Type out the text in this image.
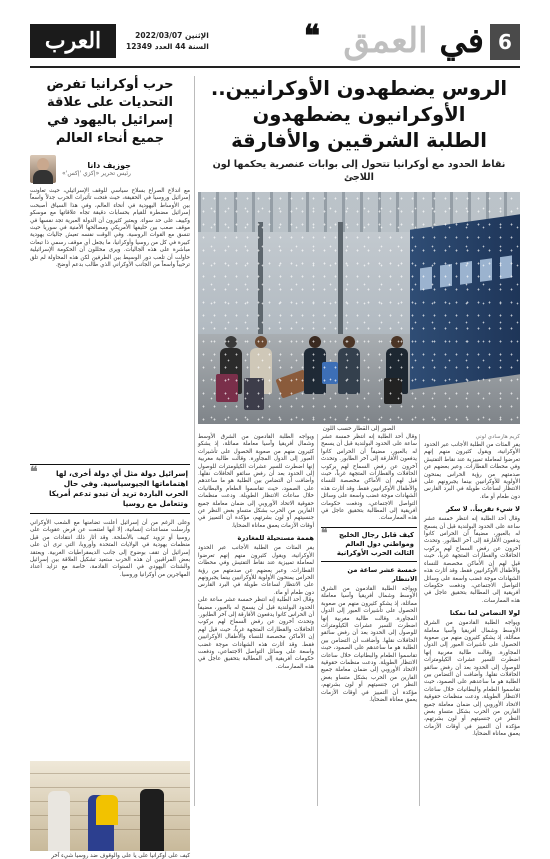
6
في العمق
❝
الإثنين 2022/03/07
السنة 44 العدد 12349
العرب
الروس يضطهدون الأوكرانيين..
الأوكرانيون يضطهدون
الطلبة الشرقيين والأفارقة
نقاط الحدود مع أوكرانيا تتحول إلى بوابات عنصرية يحكمها لون اللاجئ
الصور إلى القطار حسب اللون
كريم هارسادي لوني
يفر المئات من الطلبة الأجانب عبر الحدود الأوكرانية، ويقول كثيرون منهم إنهم تعرضوا لمعاملة تمييزية عند نقاط التفتيش وفي محطات القطارات. وعبر بعضهم عن صدمتهم من رؤية الحراس يمنحون الأولوية للأوكرانيين بينما يجبرونهم على الانتظار لساعات طويلة في البرد القارس دون طعام أو ماء.
لا شيء تقريباً.. لا سكر
وقال أحد الطلبة إنه انتظر خمسة عشر ساعة على الحدود البولندية قبل أن يسمح له بالعبور، مضيفاً أن الحراس كانوا يدفعون الأفارقة إلى آخر الطابور. وتحدث آخرون عن رفض السماح لهم بركوب الحافلات والقطارات المتجهة غرباً، حيث قيل لهم إن الأماكن مخصصة للنساء والأطفال الأوكرانيين فقط. وقد أثارت هذه الشهادات موجة غضب واسعة على وسائل التواصل الاجتماعي، ودفعت حكومات أفريقية إلى المطالبة بتحقيق عاجل في هذه الممارسات.
لولا التضامن لما تمكنا
ويواجه الطلبة القادمون من الشرق الأوسط وشمال أفريقيا وآسيا معاملة مماثلة، إذ يشكو كثيرون منهم من صعوبة الحصول على تأشيرات العبور إلى الدول المجاورة. وقالت طالبة مغربية إنها اضطرت للسير عشرات الكيلومترات للوصول إلى الحدود بعد أن رفض سائقو الحافلات نقلها. وأضافت أن التضامن بين الطلبة هو ما ساعدهم على الصمود، حيث تقاسموا الطعام والبطانيات خلال ساعات الانتظار الطويلة. ودعت منظمات حقوقية الاتحاد الأوروبي إلى ضمان معاملة جميع الفارين من الحرب بشكل متساو بغض النظر عن جنسيتهم أو لون بشرتهم، مؤكدة أن التمييز في أوقات الأزمات يعمق معاناة الضحايا.
وقال أحد الطلبة إنه انتظر خمسة عشر ساعة على الحدود البولندية قبل أن يسمح له بالعبور، مضيفاً أن الحراس كانوا يدفعون الأفارقة إلى آخر الطابور. وتحدث آخرون عن رفض السماح لهم بركوب الحافلات والقطارات المتجهة غرباً، حيث قيل لهم إن الأماكن مخصصة للنساء والأطفال الأوكرانيين فقط. وقد أثارت هذه الشهادات موجة غضب واسعة على وسائل التواصل الاجتماعي، ودفعت حكومات أفريقية إلى المطالبة بتحقيق عاجل في هذه الممارسات.
❝ كيف قابل رجال الخليج ومواطني دول العالم الثالث الحرب الأوكرانية
خمسة عشر ساعة من الانتظار
ويواجه الطلبة القادمون من الشرق الأوسط وشمال أفريقيا وآسيا معاملة مماثلة، إذ يشكو كثيرون منهم من صعوبة الحصول على تأشيرات العبور إلى الدول المجاورة. وقالت طالبة مغربية إنها اضطرت للسير عشرات الكيلومترات للوصول إلى الحدود بعد أن رفض سائقو الحافلات نقلها. وأضافت أن التضامن بين الطلبة هو ما ساعدهم على الصمود، حيث تقاسموا الطعام والبطانيات خلال ساعات الانتظار الطويلة. ودعت منظمات حقوقية الاتحاد الأوروبي إلى ضمان معاملة جميع الفارين من الحرب بشكل متساو بغض النظر عن جنسيتهم أو لون بشرتهم، مؤكدة أن التمييز في أوقات الأزمات يعمق معاناة الضحايا.
ويواجه الطلبة القادمون من الشرق الأوسط وشمال أفريقيا وآسيا معاملة مماثلة، إذ يشكو كثيرون منهم من صعوبة الحصول على تأشيرات العبور إلى الدول المجاورة. وقالت طالبة مغربية إنها اضطرت للسير عشرات الكيلومترات للوصول إلى الحدود بعد أن رفض سائقو الحافلات نقلها. وأضافت أن التضامن بين الطلبة هو ما ساعدهم على الصمود، حيث تقاسموا الطعام والبطانيات خلال ساعات الانتظار الطويلة. ودعت منظمات حقوقية الاتحاد الأوروبي إلى ضمان معاملة جميع الفارين من الحرب بشكل متساو بغض النظر عن جنسيتهم أو لون بشرتهم، مؤكدة أن التمييز في أوقات الأزمات يعمق معاناة الضحايا.
هممة مستحيلة للمغادرة
يفر المئات من الطلبة الأجانب عبر الحدود الأوكرانية، ويقول كثيرون منهم إنهم تعرضوا لمعاملة تمييزية عند نقاط التفتيش وفي محطات القطارات. وعبر بعضهم عن صدمتهم من رؤية الحراس يمنحون الأولوية للأوكرانيين بينما يجبرونهم على الانتظار لساعات طويلة في البرد القارس دون طعام أو ماء.
وقال أحد الطلبة إنه انتظر خمسة عشر ساعة على الحدود البولندية قبل أن يسمح له بالعبور، مضيفاً أن الحراس كانوا يدفعون الأفارقة إلى آخر الطابور. وتحدث آخرون عن رفض السماح لهم بركوب الحافلات والقطارات المتجهة غرباً، حيث قيل لهم إن الأماكن مخصصة للنساء والأطفال الأوكرانيين فقط. وقد أثارت هذه الشهادات موجة غضب واسعة على وسائل التواصل الاجتماعي، ودفعت حكومات أفريقية إلى المطالبة بتحقيق عاجل في هذه الممارسات.
حرب أوكرانيا تفرض التحديات على علاقة إسرائيل باليهود في جميع أنحاء العالم
جوزيف دانا
رئيس تحرير «إكزي 'إكس'»
مع اندلاع الصراع بسلاح سياسي للوقف الإسرائيلي، حيث تعاونت إسرائيل وروسيا في الحقيقة، حيث فتحت تأثيرات الحرب جدلاً واسعاً بين الأوساط اليهودية في أنحاء العالم، وفي هذا السياق أصبحت إسرائيل مضطرة للقيام بحسابات دقيقة تجاه علاقاتها مع موسكو وكييف على حد سواء. ويعتبر كثيرون أن الدولة العبرية تجد نفسها في موقف صعب بين حليفها الأمريكي ومصالحها الأمنية في سوريا حيث تنسق مع القوات الروسية. وفي الوقت نفسه تعيش جاليات يهودية كبيرة في كل من روسيا وأوكرانيا، ما يجعل أي موقف رسمي ذا تبعات مباشرة على هذه الجاليات. ويرى محللون أن الحكومة الإسرائيلية حاولت أن تلعب دور الوسيط بين الطرفين لكن هذه المحاولة لم تلق ترحيباً واسعاً من الجانب الأوكراني الذي طالب بدعم أوضح.
❝ إسرائيل دولة مثل أي دولة أخرى، لها اهتماماتها الجيوسياسية. وفي حال الحرب الباردة تريد أن تبدو تدعم أمريكا وتتعامل مع روسيا
وعلى الرغم من أن إسرائيل أعلنت تضامنها مع الشعب الأوكراني وأرسلت مساعدات إنسانية، إلا أنها امتنعت عن فرض عقوبات على روسيا أو تزويد كييف بالأسلحة. وقد أثار ذلك انتقادات من قبل منظمات يهودية في الولايات المتحدة وأوروبا، التي ترى أن على إسرائيل أن تقف بوضوح إلى جانب الديمقراطيات الغربية. ويعتقد بعض المراقبين أن هذه الحرب ستعيد تشكيل العلاقة بين إسرائيل والشتات اليهودي في السنوات القادمة، خاصة مع تزايد أعداد المهاجرين من أوكرانيا وروسيا.
كيف على أوكرانيا على يا على والوقوف ضد روسيا شيء آخر
